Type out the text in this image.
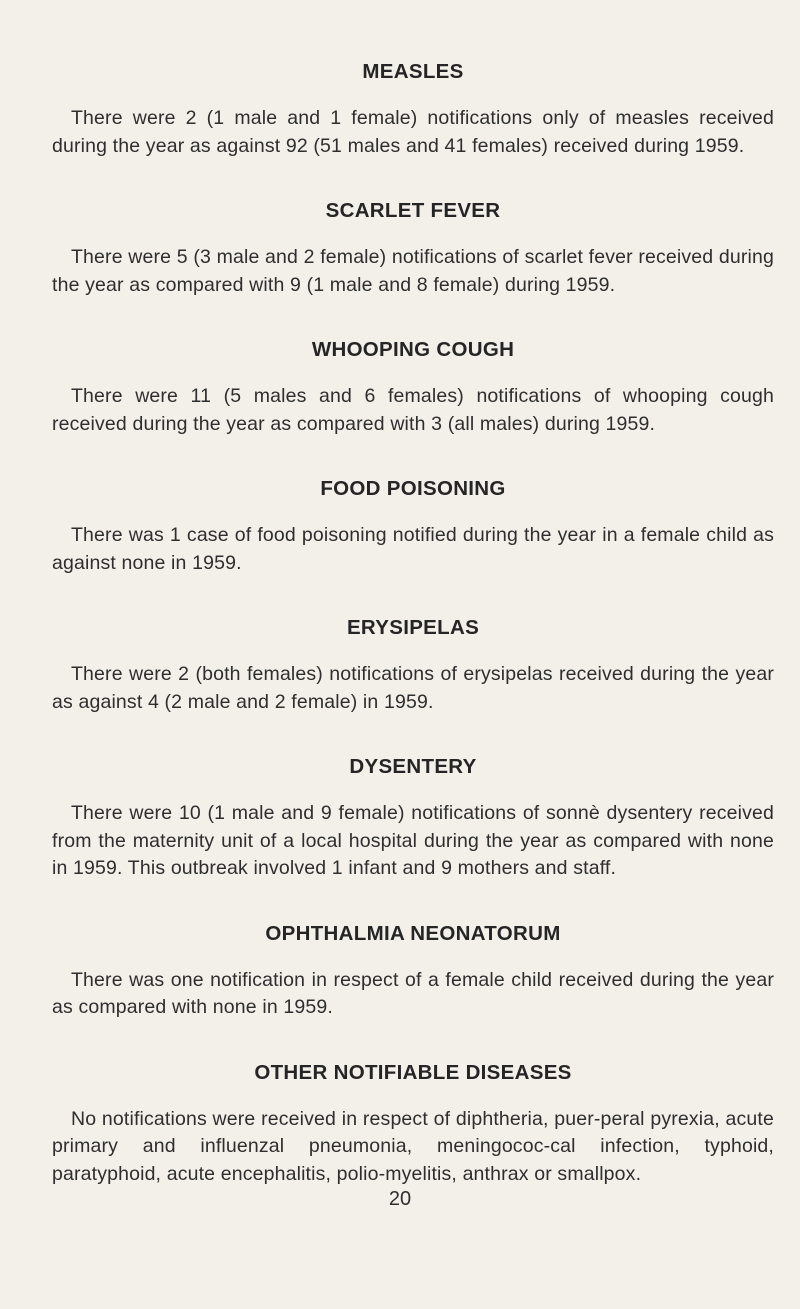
MEASLES

There were 2 (1 male and 1 female) notifications only of measles received during the year as against 92 (51 males and 41 females) received during 1959.

SCARLET FEVER

There were 5 (3 male and 2 female) notifications of scarlet fever received during the year as compared with 9 (1 male and 8 female) during 1959.

WHOOPING COUGH

There were 11 (5 males and 6 females) notifications of whooping cough received during the year as compared with 3 (all males) during 1959.

FOOD POISONING

There was 1 case of food poisoning notified during the year in a female child as against none in 1959.

ERYSIPELAS

There were 2 (both females) notifications of erysipelas received during the year as against 4 (2 male and 2 female) in 1959.

DYSENTERY

There were 10 (1 male and 9 female) notifications of sonnè dysentery received from the maternity unit of a local hospital during the year as compared with none in 1959. This outbreak involved 1 infant and 9 mothers and staff.

OPHTHALMIA NEONATORUM

There was one notification in respect of a female child received during the year as compared with none in 1959.

OTHER NOTIFIABLE DISEASES

No notifications were received in respect of diphtheria, puer-peral pyrexia, acute primary and influenzal pneumonia, meningococ-cal infection, typhoid, paratyphoid, acute encephalitis, polio-myelitis, anthrax or smallpox.

20
